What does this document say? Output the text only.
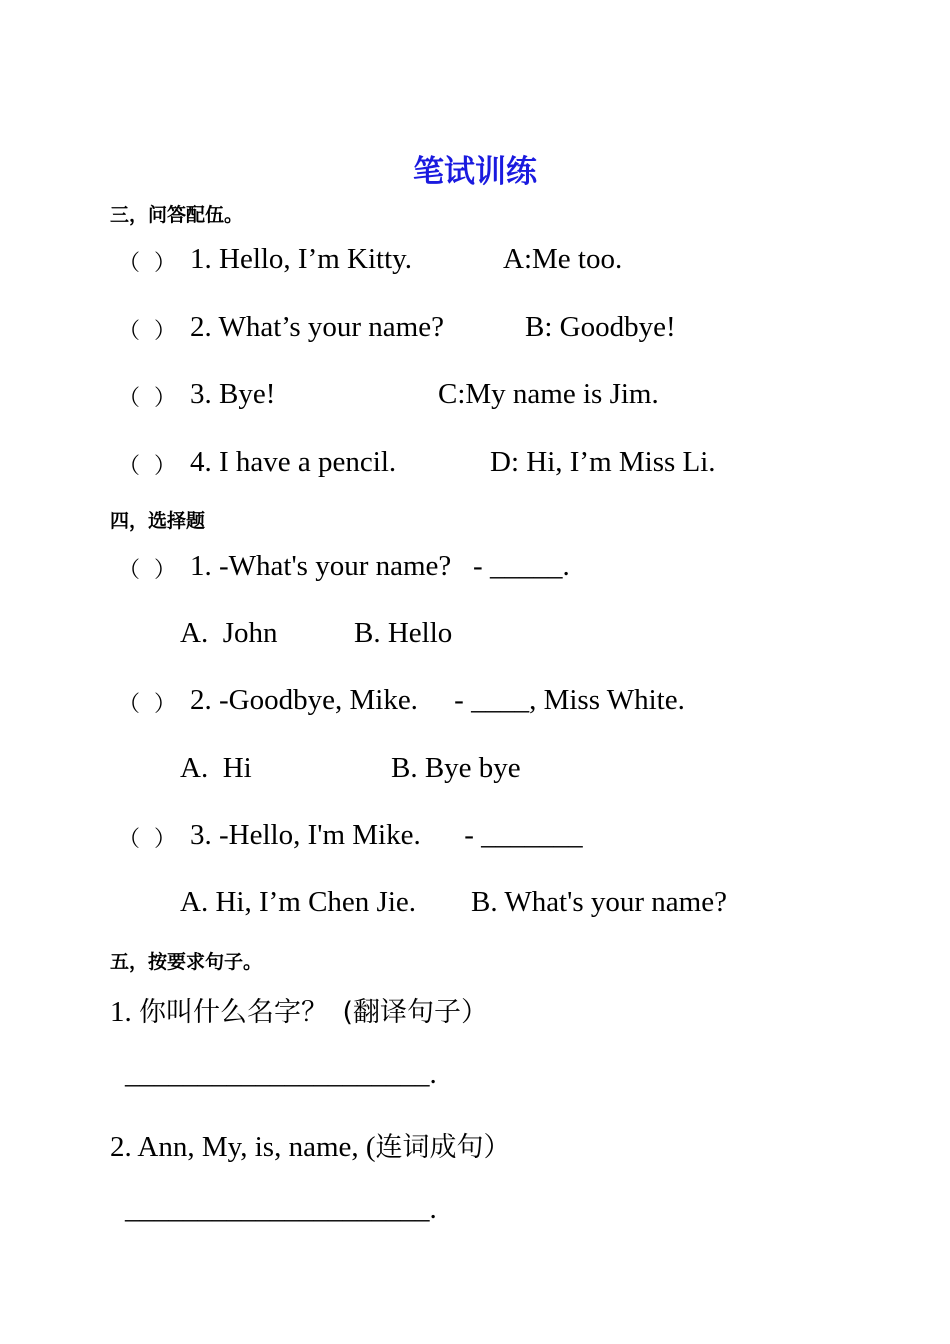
笔试训练
三，问答配伍。
（  ） 1. Hello, I’m Kitty.	A:Me too.
（  ） 2. What’s your name?	B: Goodbye!
（  ） 3. Bye!	C:My name is Jim.
（  ） 4. I have a pencil.	D: Hi, I’m Miss Li.
四，选择题
（  ） 1. -What's your name?   - _____.
A.  John	B. Hello
（  ） 2. -Goodbye, Mike.     - ____, Miss White.
A.  Hi	B. Bye bye
（  ） 3. -Hello, I'm Mike.      - _______
A. Hi, I’m Chen Jie. B. What's your name?
五，按要求句子。
1. 你叫什么名字？ (翻译句子）
_____________________.
2. Ann, My, is, name, (连词成句）
_____________________.
